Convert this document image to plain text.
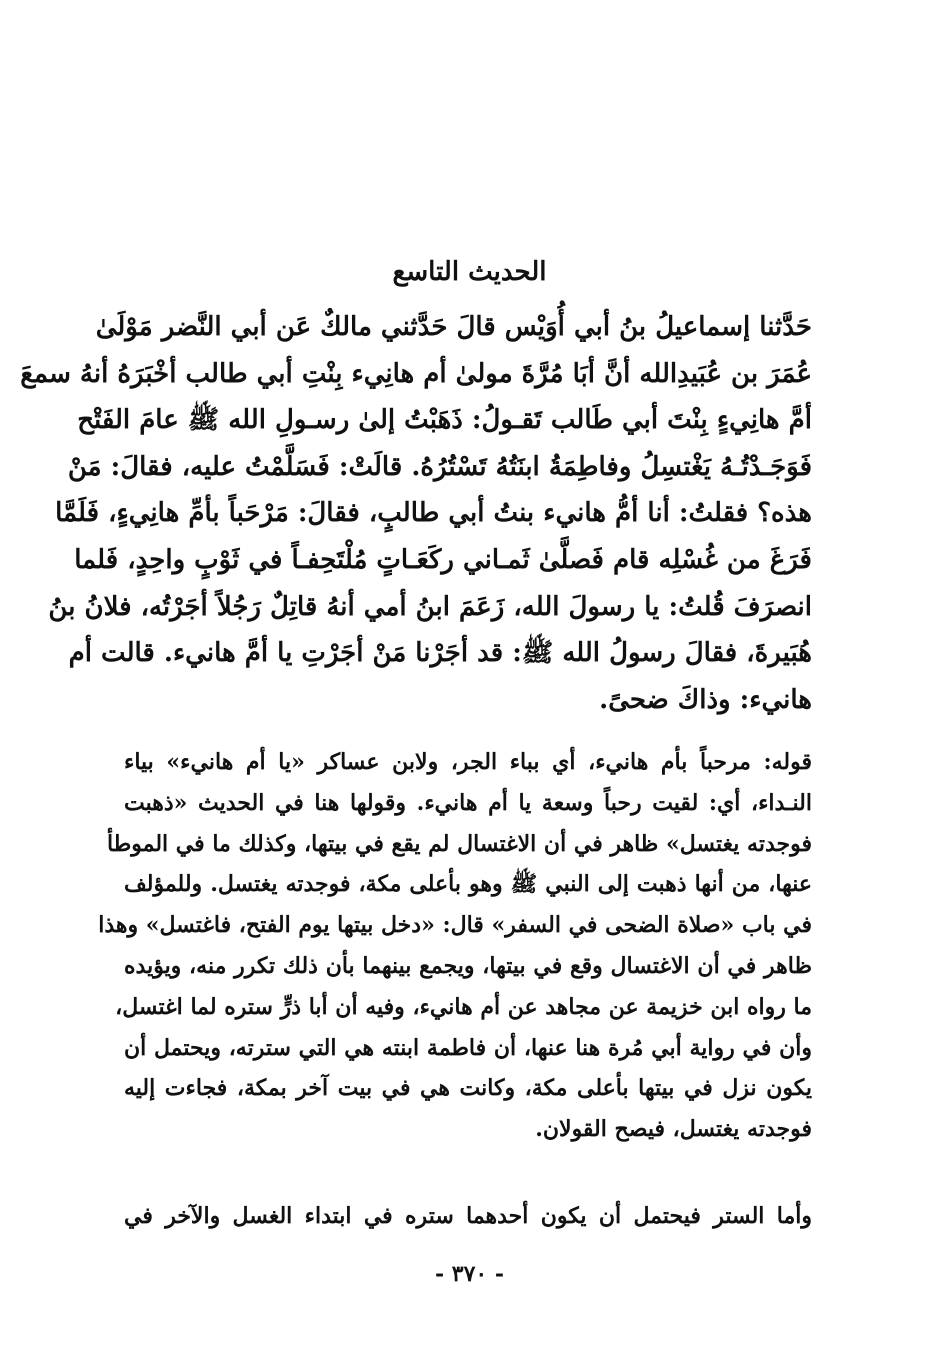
الحديث التاسع
حَدَّثنا إسماعيلُ بنُ أبي أُوَيْس قالَ حَدَّثني مالكٌ عَن أبي النَّضر مَوْلَىٰ
عُمَرَ بن عُبَيدِالله أنَّ أبَا مُرَّةَ مولىٰ أم هانِيء بِنْتِ أبي طالب أخْبَرَهُ أنهُ سمعَ
أمَّ هانِيءٍ بِنْتَ أبي طَالب تَقـولُ: ذَهَبْتُ إلىٰ رسـولِ الله ﷺ عامَ الفَتْح
فَوَجَـدْتُـهُ يَغْتسِلُ وفاطِمَةُ ابنَتُهُ تَسْتُرُهُ. قالَتْ: فَسَلَّمْتُ عليه، فقالَ: مَنْ
هذه؟ فقلتُ: أنا أمُّ هانيء بنتُ أبي طالبٍ، فقالَ: مَرْحَباً بأمِّ هانِيءٍ، فَلَمَّا
فَرَغَ من غُسْلِه قام فَصلَّىٰ ثَمـاني ركَعَـاتٍ مُلْتَحِفـاً في ثَوْبٍ واحِدٍ، فَلما
انصرَفَ قُلتُ: يا رسولَ الله، زَعَمَ ابنُ أمي أنهُ قاتِلٌ رَجُلاً أجَرْتُه، فلانُ بنُ
هُبَيرةَ، فقالَ رسولُ الله ﷺ: قد أجَرْنا مَنْ أجَرْتِ يا أمَّ هانيء. قالت أم
هانيء: وذاكَ ضحىً.
قوله: مرحباً بأم هانيء، أي بباء الجر، ولابن عساكر «يا أم هانيء» بياء
النـداء، أي: لقيت رحباً وسعة يا أم هانيء. وقولها هنا في الحديث «ذهبت
فوجدته يغتسل» ظاهر في أن الاغتسال لم يقع في بيتها، وكذلك ما في الموطأ
عنها، من أنها ذهبت إلى النبي ﷺ وهو بأعلى مكة، فوجدته يغتسل. وللمؤلف
في باب «صلاة الضحى في السفر» قال: «دخل بيتها يوم الفتح، فاغتسل» وهذا
ظاهر في أن الاغتسال وقع في بيتها، ويجمع بينهما بأن ذلك تكرر منه، ويؤيده
ما رواه ابن خزيمة عن مجاهد عن أم هانيء، وفيه أن أبا ذرٍّ ستره لما اغتسل،
وأن في رواية أبي مُرة هنا عنها، أن فاطمة ابنته هي التي سترته، ويحتمل أن
يكون نزل في بيتها بأعلى مكة، وكانت هي في بيت آخر بمكة، فجاءت إليه
فوجدته يغتسل، فيصح القولان.
وأما الستر فيحتمل أن يكون أحدهما ستره في ابتداء الغسل والآخر في
- ٣٧٠ -
